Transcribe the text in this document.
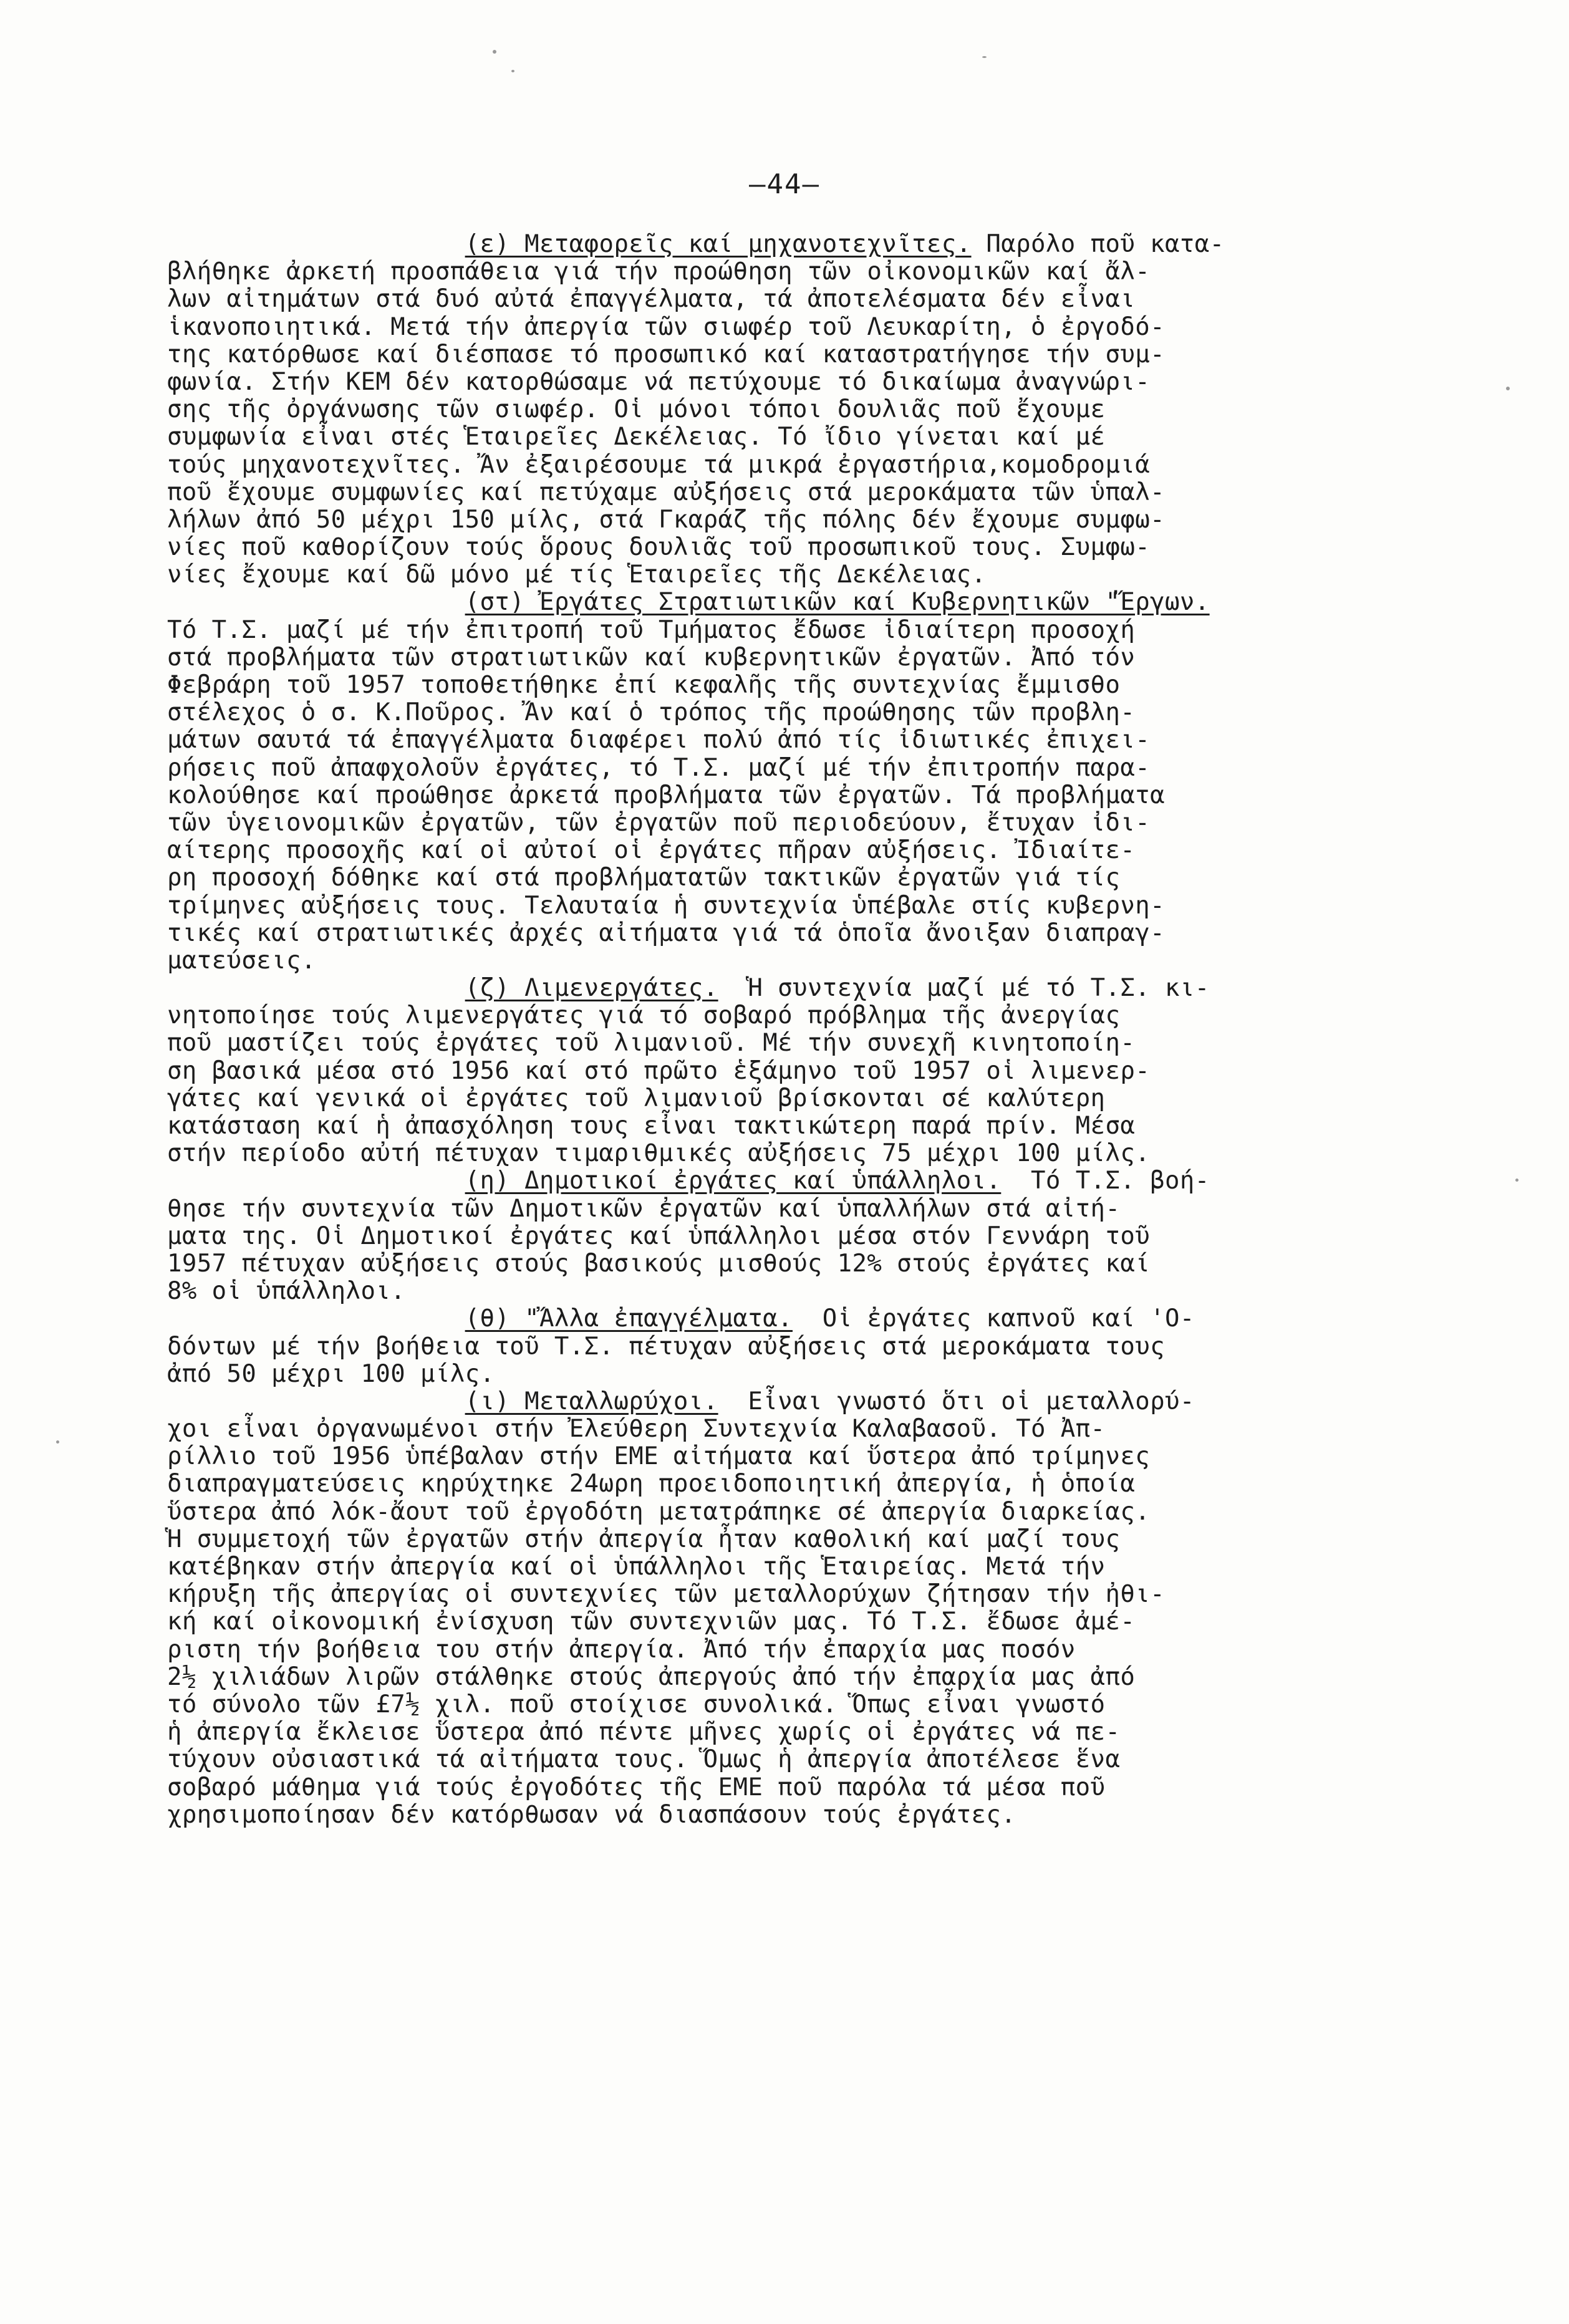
—44—
(ε) Μεταφορεῖς καί μηχανοτεχνῖτες. Παρόλο ποῦ κατα-
βλήθηκε ἀρκετή προσπάθεια γιά τήν προώθηση τῶν οἰκονομικῶν καί ἄλ-
λων αἰτημάτων στά δυό αὐτά ἐπαγγέλματα, τά ἀποτελέσματα δέν εἶναι
ἱκανοποιητικά. Μετά τήν ἀπεργία τῶν σιωφέρ τοῦ Λευκαρίτη, ὁ ἐργοδό-
της κατόρθωσε καί διέσπασε τό προσωπικό καί καταστρατήγησε τήν συμ-
φωνία. Στήν ΚΕΜ δέν κατορθώσαμε νά πετύχουμε τό δικαίωμα ἀναγνώρι-
σης τῆς ὀργάνωσης τῶν σιωφέρ. Οἱ μόνοι τόποι δουλιᾶς ποῦ ἔχουμε
συμφωνία εἶναι στές Ἑταιρεῖες Δεκέλειας. Τό ἴδιο γίνεται καί μέ
τούς μηχανοτεχνῖτες. Ἄν ἐξαιρέσουμε τά μικρά ἐργαστήρια,κομοδρομιά
ποῦ ἔχουμε συμφωνίες καί πετύχαμε αὐξήσεις στά μεροκάματα τῶν ὑπαλ-
λήλων ἀπό 50 μέχρι 150 μίλς, στά Γκαράζ τῆς πόλης δέν ἔχουμε συμφω-
νίες ποῦ καθορίζουν τούς ὅρους δουλιᾶς τοῦ προσωπικοῦ τους. Συμφω-
νίες ἔχουμε καί δῶ μόνο μέ τίς Ἑταιρεῖες τῆς Δεκέλειας.
(στ) Ἐργάτες Στρατιωτικῶν καί Κυβερνητικῶν "Ἔργων.
Τό Τ.Σ. μαζί μέ τήν ἐπιτροπή τοῦ Τμήματος ἔδωσε ἰδιαίτερη προσοχή
στά προβλήματα τῶν στρατιωτικῶν καί κυβερνητικῶν ἐργατῶν. Ἀπό τόν
Φεβράρη τοῦ 1957 τοποθετήθηκε ἐπί κεφαλῆς τῆς συντεχνίας ἔμμισθο
στέλεχος ὁ σ. Κ.Ποῦρος. Ἄν καί ὁ τρόπος τῆς προώθησης τῶν προβλη-
μάτων σαυτά τά ἐπαγγέλματα διαφέρει πολύ ἀπό τίς ἰδιωτικές ἐπιχει-
ρήσεις ποῦ ἀπαφχολοῦν ἐργάτες, τό Τ.Σ. μαζί μέ τήν ἐπιτροπήν παρα-
κολούθησε καί προώθησε ἀρκετά προβλήματα τῶν ἐργατῶν. Τά προβλήματα
τῶν ὑγειονομικῶν ἐργατῶν, τῶν ἐργατῶν ποῦ περιοδεύουν, ἔτυχαν ἰδι-
αίτερης προσοχῆς καί οἱ αὐτοί οἱ ἐργάτες πῆραν αὐξήσεις. Ἰδιαίτε-
ρη προσοχή δόθηκε καί στά προβλήματατῶν τακτικῶν ἐργατῶν γιά τίς
τρίμηνες αὐξήσεις τους. Τελαυταία ἡ συντεχνία ὑπέβαλε στίς κυβερνη-
τικές καί στρατιωτικές ἀρχές αἰτήματα γιά τά ὁποῖα ἄνοιξαν διαπραγ-
ματεύσεις.
(ζ) Λιμενεργάτες.  Ἡ συντεχνία μαζί μέ τό Τ.Σ. κι-
νητοποίησε τούς λιμενεργάτες γιά τό σοβαρό πρόβλημα τῆς ἀνεργίας
ποῦ μαστίζει τούς ἐργάτες τοῦ λιμανιοῦ. Μέ τήν συνεχῆ κινητοποίη-
ση βασικά μέσα στό 1956 καί στό πρῶτο ἑξάμηνο τοῦ 1957 οἱ λιμενερ-
γάτες καί γενικά οἱ ἐργάτες τοῦ λιμανιοῦ βρίσκονται σέ καλύτερη
κατάσταση καί ἡ ἀπασχόληση τους εἶναι τακτικώτερη παρά πρίν. Μέσα
στήν περίοδο αὐτή πέτυχαν τιμαριθμικές αὐξήσεις 75 μέχρι 100 μίλς.
(η) Δημοτικοί ἐργάτες καί ὑπάλληλοι.  Τό Τ.Σ. βοή-
θησε τήν συντεχνία τῶν Δημοτικῶν ἐργατῶν καί ὑπαλλήλων στά αἰτή-
ματα της. Οἱ Δημοτικοί ἐργάτες καί ὑπάλληλοι μέσα στόν Γεννάρη τοῦ
1957 πέτυχαν αὐξήσεις στούς βασικούς μισθούς 12% στούς ἐργάτες καί
8% οἱ ὑπάλληλοι.
(θ) "Ἄλλα ἐπαγγέλματα.  Οἱ ἐργάτες καπνοῦ καί 'Ο-
δόντων μέ τήν βοήθεια τοῦ Τ.Σ. πέτυχαν αὐξήσεις στά μεροκάματα τους
ἀπό 50 μέχρι 100 μίλς.
(ι) Μεταλλωρύχοι.  Εἶναι γνωστό ὅτι οἱ μεταλλορύ-
χοι εἶναι ὀργανωμένοι στήν Ἐλεύθερη Συντεχνία Καλαβασοῦ. Τό Ἀπ-
ρίλλιο τοῦ 1956 ὑπέβαλαν στήν ΕΜΕ αἰτήματα καί ὕστερα ἀπό τρίμηνες
διαπραγματεύσεις κηρύχτηκε 24ωρη προειδοποιητική ἀπεργία, ἡ ὁποία
ὕστερα ἀπό λόκ-ἄουτ τοῦ ἐργοδότη μετατράπηκε σέ ἀπεργία διαρκείας.
Ἡ συμμετοχή τῶν ἐργατῶν στήν ἀπεργία ἦταν καθολική καί μαζί τους
κατέβηκαν στήν ἀπεργία καί οἱ ὑπάλληλοι τῆς Ἑταιρείας. Μετά τήν
κήρυξη τῆς ἀπεργίας οἱ συντεχνίες τῶν μεταλλορύχων ζήτησαν τήν ἠθι-
κή καί οἰκονομική ἐνίσχυση τῶν συντεχνιῶν μας. Τό Τ.Σ. ἔδωσε ἀμέ-
ριστη τήν βοήθεια του στήν ἀπεργία. Ἀπό τήν ἐπαρχία μας ποσόν
2½ χιλιάδων λιρῶν στάλθηκε στούς ἀπεργούς ἀπό τήν ἐπαρχία μας ἀπό
τό σύνολο τῶν £7½ χιλ. ποῦ στοίχισε συνολικά. Ὅπως εἶναι γνωστό
ἡ ἀπεργία ἔκλεισε ὕστερα ἀπό πέντε μῆνες χωρίς οἱ ἐργάτες νά πε-
τύχουν οὐσιαστικά τά αἰτήματα τους. Ὅμως ἡ ἀπεργία ἀποτέλεσε ἕνα
σοβαρό μάθημα γιά τούς ἐργοδότες τῆς ΕΜΕ ποῦ παρόλα τά μέσα ποῦ
χρησιμοποίησαν δέν κατόρθωσαν νά διασπάσουν τούς ἐργάτες.
